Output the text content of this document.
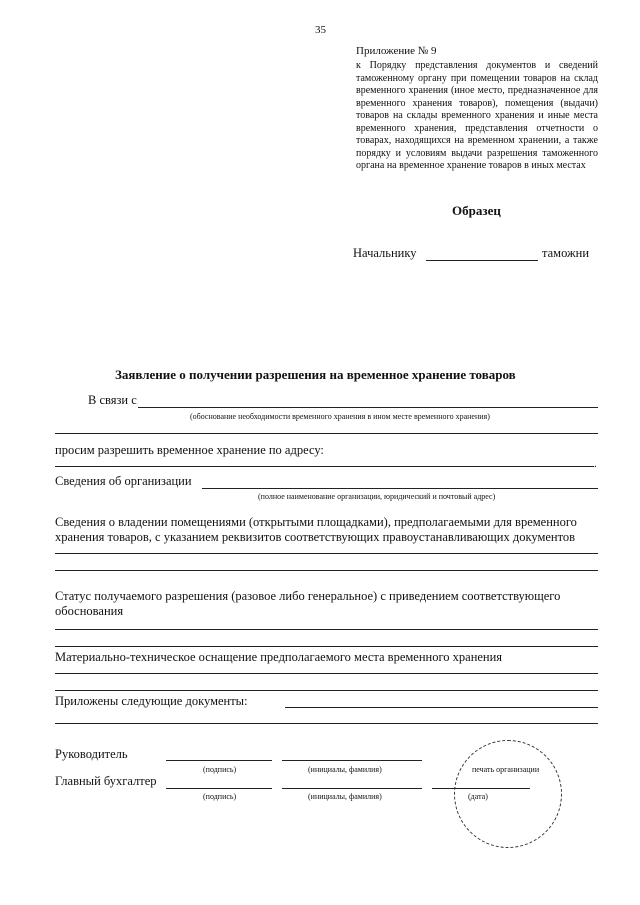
35
Приложение № 9
к Порядку представления документов и сведений таможенному органу при помещении товаров на склад временного хранения (иное место, предназначенное для временного хранения товаров), помещения (выдачи) товаров на склады временного хранения и иные места временного хранения, представления отчетности о товарах, находящихся на временном хранении, а также порядку и условиям выдачи разрешения таможенного органа на временное хранение товаров в иных местах
Образец
Начальнику	таможни
Заявление о получении разрешения на временное хранение товаров
В связи с
(обоснование необходимости временного хранения в ином месте временного хранения)
просим разрешить временное хранение по адресу:
.
Сведения об организации
(полное наименование организации, юридический и почтовый адрес)
Сведения о владении помещениями (открытыми площадками), предполагаемыми для временного
хранения товаров, с указанием реквизитов соответствующих правоустанавливающих документов
Статус получаемого разрешения (разовое либо генеральное) с приведением соответствующего
обоснования
Материально-техническое оснащение предполагаемого места временного хранения
Приложены следующие документы:
Руководитель
(подпись)	(инициалы, фамилия)
Главный бухгалтер
(подпись)	(инициалы, фамилия)	(дата)
печать организации
